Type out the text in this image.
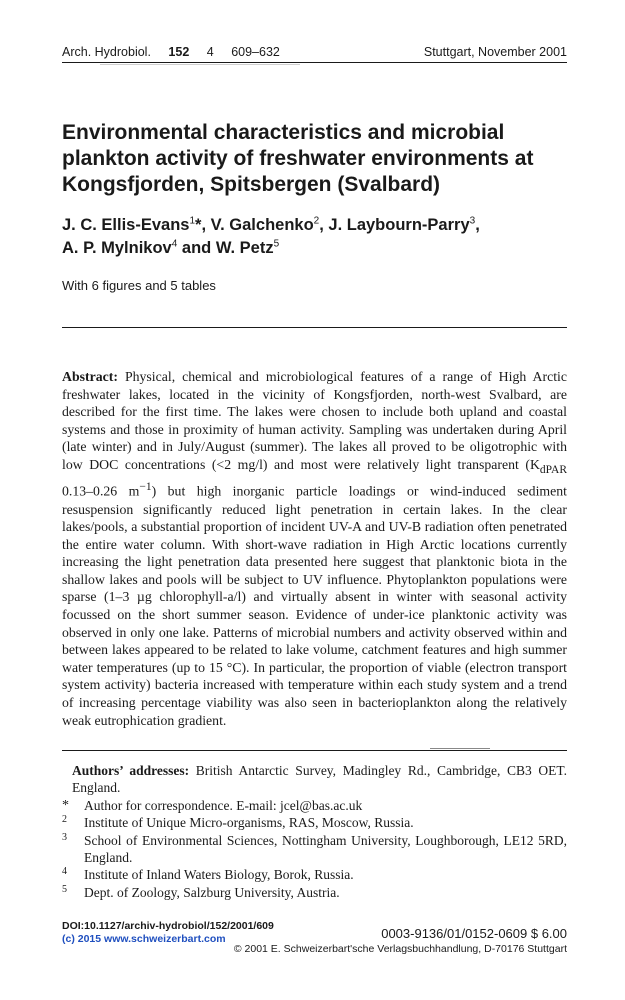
Arch. Hydrobiol. 152 4 609–632	Stuttgart, November 2001
Environmental characteristics and microbial plankton activity of freshwater environments at Kongsfjorden, Spitsbergen (Svalbard)
J. C. Ellis-Evans$^1$*, V. Galchenko$^2$, J. Laybourn-Parry$^3$,
A. P. Mylnikov$^4$ and W. Petz$^5$
With 6 figures and 5 tables

Abstract: Physical, chemical and microbiological features of a range of High Arctic freshwater lakes, located in the vicinity of Kongsfjorden, north-west Svalbard, are described for the first time. The lakes were chosen to include both upland and coastal systems and those in proximity of human activity. Sampling was undertaken during April (late winter) and in July/August (summer). The lakes all proved to be oligotrophic with low DOC concentrations (<2 mg/l) and most were relatively light transparent ($K_{dPAR}$ 0.13–0.26 $m^{-1}$) but high inorganic particle loadings or wind-induced sediment resuspension significantly reduced light penetration in certain lakes. In the clear lakes/pools, a substantial proportion of incident UV-A and UV-B radiation often penetrated the entire water column. With short-wave radiation in High Arctic locations currently increasing the light penetration data presented here suggest that planktonic biota in the shallow lakes and pools will be subject to UV influence. Phytoplankton populations were sparse (1–3 µg chlorophyll-a/l) and virtually absent in winter with seasonal activity focussed on the short summer season. Evidence of under-ice planktonic activity was observed in only one lake. Patterns of microbial numbers and activity observed within and between lakes appeared to be related to lake volume, catchment features and high summer water temperatures (up to 15 °C). In particular, the proportion of viable (electron transport system activity) bacteria increased with temperature within each study system and a trend of increasing percentage viability was also seen in bacterioplankton along the relatively weak eutrophication gradient.

Authors’ addresses: British Antarctic Survey, Madingley Rd., Cambridge, CB3 OET. England.

* Author for correspondence. E-mail: jcel@bas.ac.uk
2 Institute of Unique Micro-organisms, RAS, Moscow, Russia.
3 School of Environmental Sciences, Nottingham University, Loughborough, LE12 5RD, England.
4 Institute of Inland Waters Biology, Borok, Russia.
5 Dept. of Zoology, Salzburg University, Austria.
DOI:10.1127/archiv-hydrobiol/152/2001/609
(c) 2015 www.schweizerbart.com	0003-9136/01/0152-0609 $ 6.00
© 2001 E. Schweizerbart'sche Verlagsbuchhandlung, D-70176 Stuttgart
